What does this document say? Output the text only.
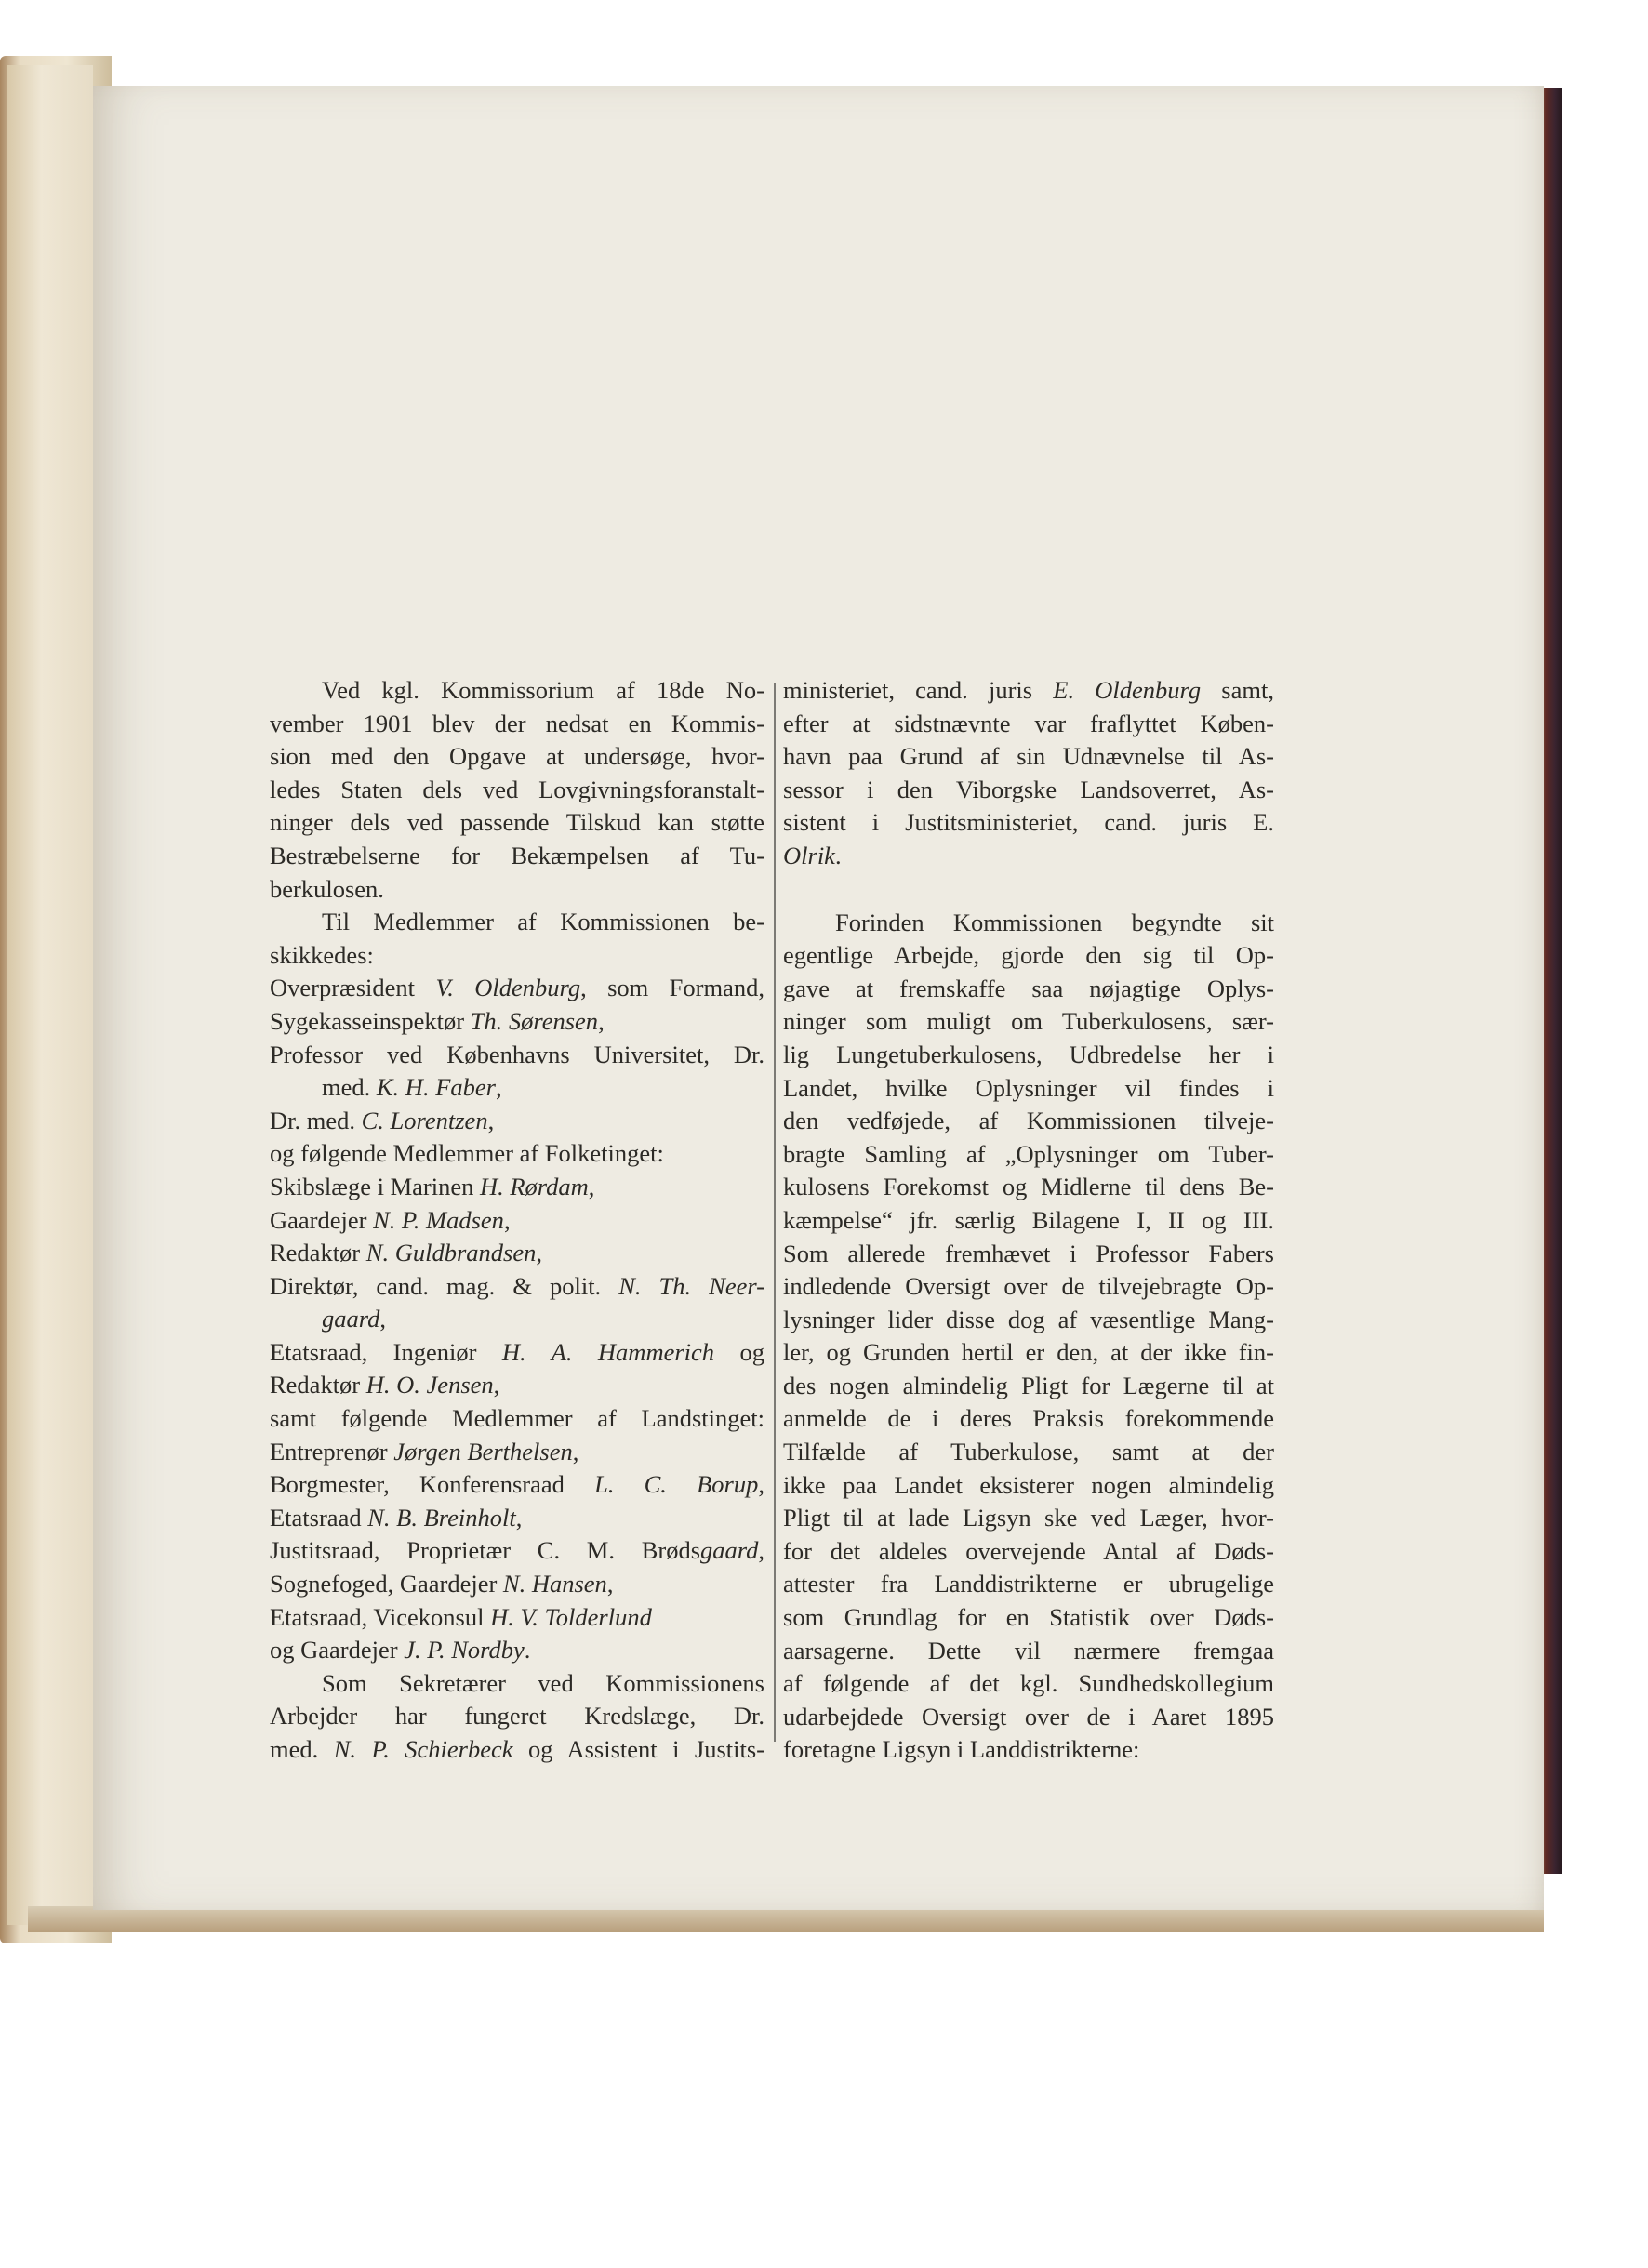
Ved kgl. Kommissorium af 18de No-
vember 1901 blev der nedsat en Kommis-
sion med den Opgave at undersøge, hvor-
ledes Staten dels ved Lovgivningsforanstalt-
ninger dels ved passende Tilskud kan støtte
Bestræbelserne for Bekæmpelsen af Tu-
berkulosen.
Til Medlemmer af Kommissionen be-
skikkedes:
Overpræsident V. Oldenburg, som Formand,
Sygekasseinspektør Th. Sørensen,
Professor ved Københavns Universitet, Dr.
med. K. H. Faber,
Dr. med. C. Lorentzen,
og følgende Medlemmer af Folketinget:
Skibslæge i Marinen H. Rørdam,
Gaardejer N. P. Madsen,
Redaktør N. Guldbrandsen,
Direktør, cand. mag. & polit. N. Th. Neer-
gaard,
Etatsraad, Ingeniør H. A. Hammerich og
Redaktør H. O. Jensen,
samt følgende Medlemmer af Landstinget:
Entreprenør Jørgen Berthelsen,
Borgmester, Konferensraad L. C. Borup,
Etatsraad N. B. Breinholt,
Justitsraad, Proprietær C. M. Brødsgaard,
Sognefoged, Gaardejer N. Hansen,
Etatsraad, Vicekonsul H. V. Tolderlund
og Gaardejer J. P. Nordby.
Som Sekretærer ved Kommissionens
Arbejder har fungeret Kredslæge, Dr.
med. N. P. Schierbeck og Assistent i Justits-
ministeriet, cand. juris E. Oldenburg samt,
efter at sidstnævnte var fraflyttet Køben-
havn paa Grund af sin Udnævnelse til As-
sessor i den Viborgske Landsoverret, As-
sistent i Justitsministeriet, cand. juris E.
Olrik.
Forinden Kommissionen begyndte sit
egentlige Arbejde, gjorde den sig til Op-
gave at fremskaffe saa nøjagtige Oplys-
ninger som muligt om Tuberkulosens, sær-
lig Lungetuberkulosens, Udbredelse her i
Landet, hvilke Oplysninger vil findes i
den vedføjede, af Kommissionen tilveje-
bragte Samling af „Oplysninger om Tuber-
kulosens Forekomst og Midlerne til dens Be-
kæmpelse“ jfr. særlig Bilagene I, II og III.
Som allerede fremhævet i Professor Fabers
indledende Oversigt over de tilvejebragte Op-
lysninger lider disse dog af væsentlige Mang-
ler, og Grunden hertil er den, at der ikke fin-
des nogen almindelig Pligt for Lægerne til at
anmelde de i deres Praksis forekommende
Tilfælde af Tuberkulose, samt at der
ikke paa Landet eksisterer nogen almindelig
Pligt til at lade Ligsyn ske ved Læger, hvor-
for det aldeles overvejende Antal af Døds-
attester fra Landdistrikterne er ubrugelige
som Grundlag for en Statistik over Døds-
aarsagerne. Dette vil nærmere fremgaa
af følgende af det kgl. Sundhedskollegium
udarbejdede Oversigt over de i Aaret 1895
foretagne Ligsyn i Landdistrikterne:
